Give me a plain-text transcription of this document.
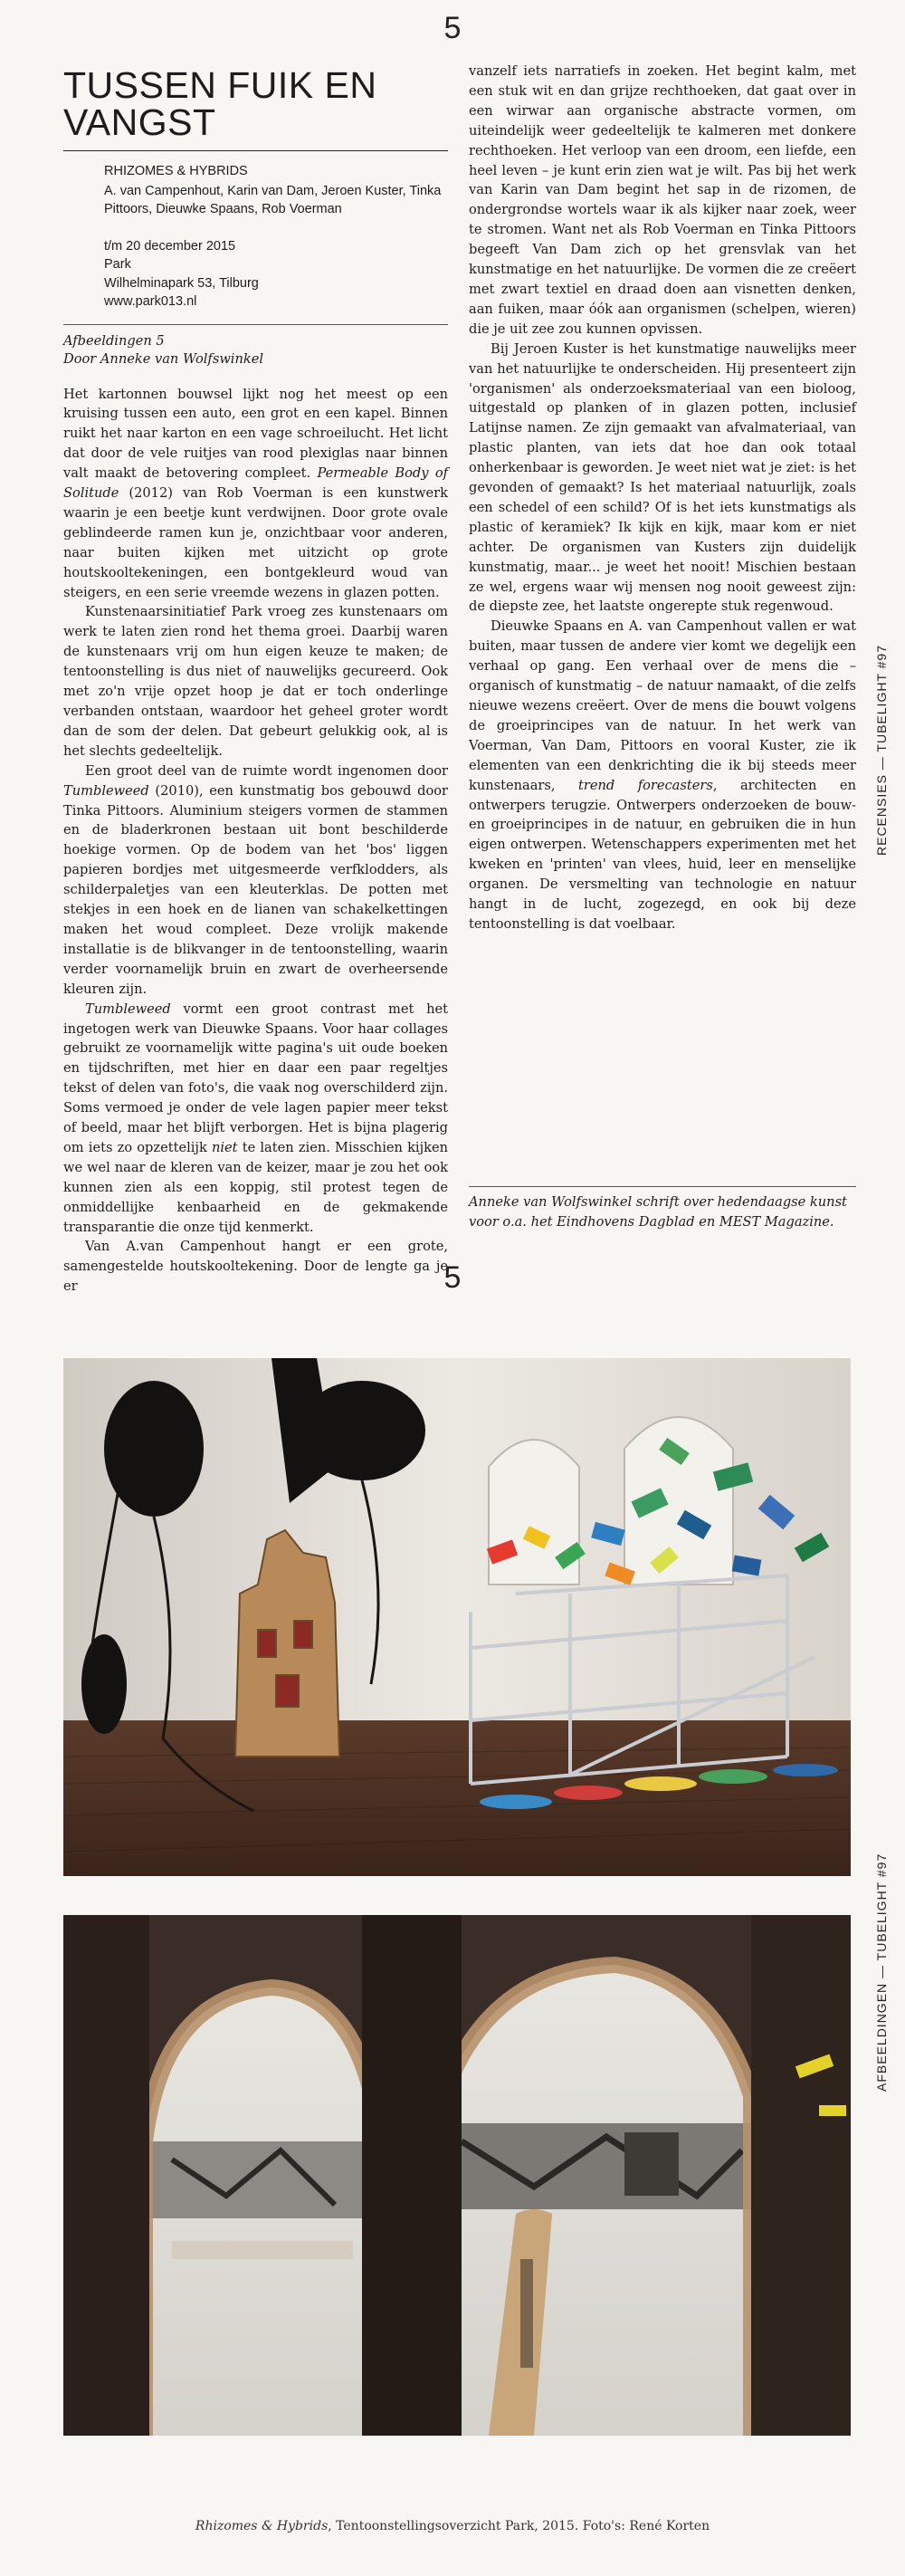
5
TUSSEN FUIK EN VANGST
RHIZOMES & HYBRIDS
A. van Campenhout, Karin van Dam, Jeroen Kuster, Tinka Pittoors, Dieuwke Spaans, Rob Voerman
t/m 20 december 2015
Park
Wilhelminapark 53, Tilburg
www.park013.nl
Afbeeldingen 5
Door Anneke van Wolfswinkel

Het kartonnen bouwsel lijkt nog het meest op een kruising tussen een auto, een grot en een kapel. Binnen ruikt het naar karton en een vage schroeilucht. Het licht dat door de vele ruitjes van rood plexiglas naar binnen valt maakt de betovering compleet. Permeable Body of Solitude (2012) van Rob Voerman is een kunstwerk waarin je een beetje kunt verdwijnen. Door grote ovale geblindeerde ramen kun je, onzichtbaar voor anderen, naar buiten kijken met uitzicht op grote houtskooltekeningen, een bontgekleurd woud van steigers, en een serie vreemde wezens in glazen potten.

Kunstenaarsinitiatief Park vroeg zes kunstenaars om werk te laten zien rond het thema groei. Daarbij waren de kunstenaars vrij om hun eigen keuze te maken; de tentoonstelling is dus niet of nauwelijks gecureerd. Ook met zo'n vrije opzet hoop je dat er toch onderlinge verbanden ontstaan, waardoor het geheel groter wordt dan de som der delen. Dat gebeurt gelukkig ook, al is het slechts gedeeltelijk.

Een groot deel van de ruimte wordt ingenomen door Tumbleweed (2010), een kunstmatig bos gebouwd door Tinka Pittoors. Aluminium steigers vormen de stammen en de bladerkronen bestaan uit bont beschilderde hoekige vormen. Op de bodem van het 'bos' liggen papieren bordjes met uitgesmeerde verfklodders, als schilderpaletjes van een kleuterklas. De potten met stekjes in een hoek en de lianen van schakelkettingen maken het woud compleet. Deze vrolijk makende installatie is de blikvanger in de tentoonstelling, waarin verder voornamelijk bruin en zwart de overheersende kleuren zijn.

Tumbleweed vormt een groot contrast met het ingetogen werk van Dieuwke Spaans. Voor haar collages gebruikt ze voornamelijk witte pagina's uit oude boeken en tijdschriften, met hier en daar een paar regeltjes tekst of delen van foto's, die vaak nog overschilderd zijn. Soms vermoed je onder de vele lagen papier meer tekst of beeld, maar het blijft verborgen. Het is bijna plagerig om iets zo opzettelijk niet te laten zien. Misschien kijken we wel naar de kleren van de keizer, maar je zou het ook kunnen zien als een koppig, stil protest tegen de onmiddellijke kenbaarheid en de gekmakende transparantie die onze tijd kenmerkt.

Van A.van Campenhout hangt er een grote, samengestelde houtskooltekening. Door de lengte ga je er

vanzelf iets narratiefs in zoeken. Het begint kalm, met een stuk wit en dan grijze rechthoeken, dat gaat over in een wirwar aan organische abstracte vormen, om uiteindelijk weer gedeeltelijk te kalmeren met donkere rechthoeken. Het verloop van een droom, een liefde, een heel leven – je kunt erin zien wat je wilt. Pas bij het werk van Karin van Dam begint het sap in de rizomen, de ondergrondse wortels waar ik als kijker naar zoek, weer te stromen. Want net als Rob Voerman en Tinka Pittoors begeeft Van Dam zich op het grensvlak van het kunstmatige en het natuurlijke. De vormen die ze creëert met zwart textiel en draad doen aan visnetten denken, aan fuiken, maar óók aan organismen (schelpen, wieren) die je uit zee zou kunnen opvissen.

Bij Jeroen Kuster is het kunstmatige nauwelijks meer van het natuurlijke te onderscheiden. Hij presenteert zijn 'organismen' als onderzoeksmateriaal van een bioloog, uitgestald op planken of in glazen potten, inclusief Latijnse namen. Ze zijn gemaakt van afvalmateriaal, van plastic planten, van iets dat hoe dan ook totaal onherkenbaar is geworden. Je weet niet wat je ziet: is het gevonden of gemaakt? Is het materiaal natuurlijk, zoals een schedel of een schild? Of is het iets kunstmatigs als plastic of keramiek? Ik kijk en kijk, maar kom er niet achter. De organismen van Kusters zijn duidelijk kunstmatig, maar... je weet het nooit! Mischien bestaan ze wel, ergens waar wij mensen nog nooit geweest zijn: de diepste zee, het laatste ongerepte stuk regenwoud.

Dieuwke Spaans en A. van Campenhout vallen er wat buiten, maar tussen de andere vier komt we degelijk een verhaal op gang. Een verhaal over de mens die – organisch of kunstmatig – de natuur namaakt, of die zelfs nieuwe wezens creëert. Over de mens die bouwt volgens de groeiprincipes van de natuur. In het werk van Voerman, Van Dam, Pittoors en vooral Kuster, zie ik elementen van een denkrichting die ik bij steeds meer kunstenaars, trend forecasters, architecten en ontwerpers terugzie. Ontwerpers onderzoeken de bouw- en groeiprincipes in de natuur, en gebruiken die in hun eigen ontwerpen. Wetenschappers experimenten met het kweken en 'printen' van vlees, huid, leer en menselijke organen. De versmelting van technologie en natuur hangt in de lucht, zogezegd, en ook bij deze tentoonstelling is dat voelbaar.

Anneke van Wolfswinkel schrift over hedendaagse kunst voor o.a. het Eindhovens Dagblad en MEST Magazine.
RECENSIES — TUBELIGHT #97
5
AFBEELDINGEN — TUBELIGHT #97
Rhizomes & Hybrids, Tentoonstellingsoverzicht Park, 2015. Foto's: René Korten
